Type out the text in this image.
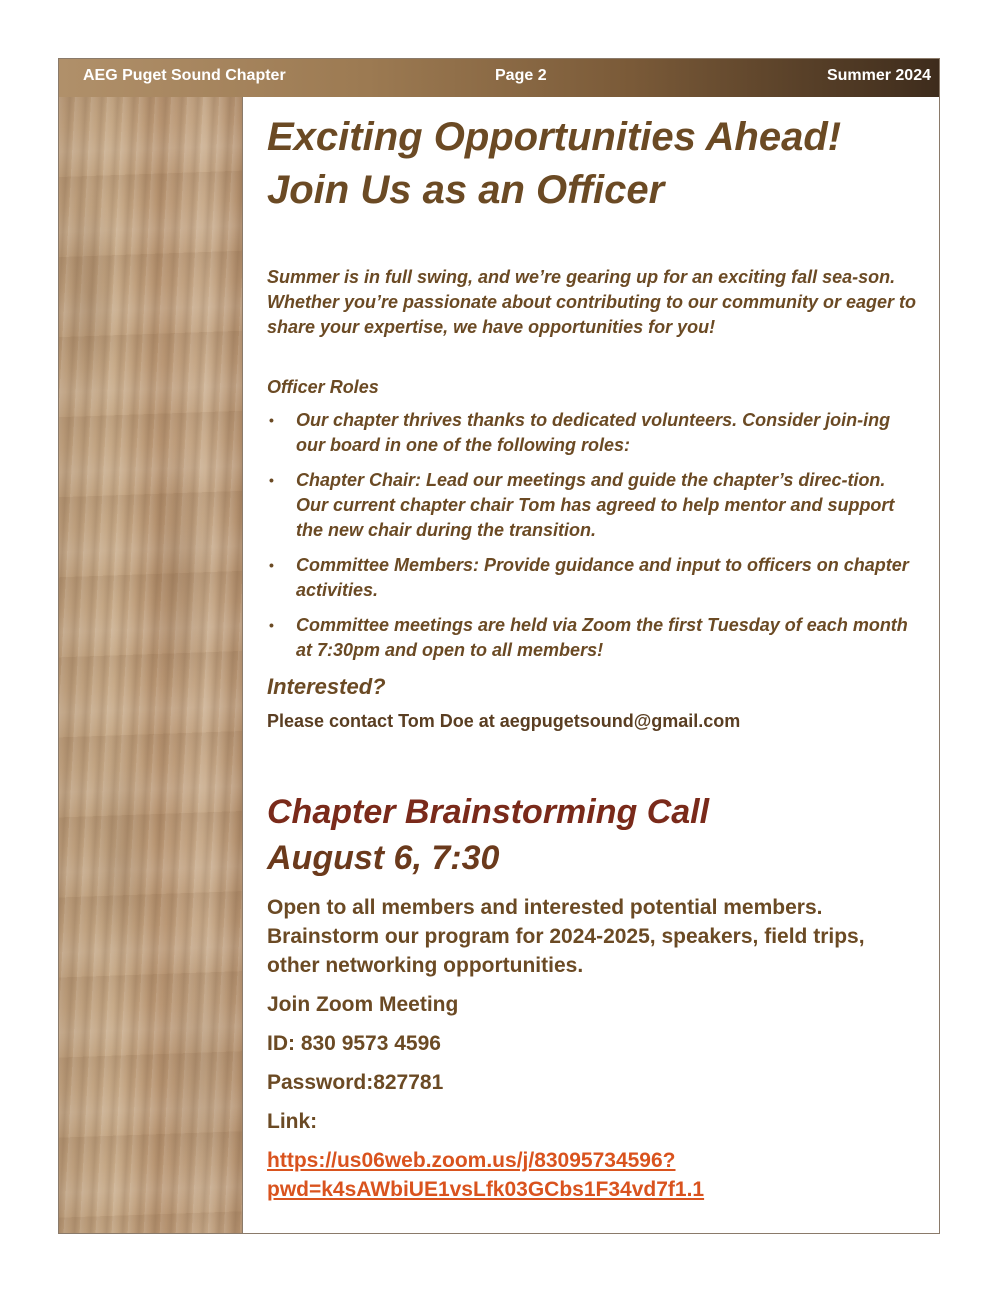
AEG Puget Sound Chapter	Page 2	Summer 2024
Exciting Opportunities Ahead!
Join Us as an Officer

Summer is in full swing, and we’re gearing up for an exciting fall sea-son. Whether you’re passionate about contributing to our community or eager to share your expertise, we have opportunities for you!

Officer Roles

• Our chapter thrives thanks to dedicated volunteers. Consider join-ing our board in one of the following roles:
• Chapter Chair: Lead our meetings and guide the chapter’s direc-tion. Our current chapter chair Tom has agreed to help mentor and support the new chair during the transition.
• Committee Members: Provide guidance and input to officers on chapter activities.
• Committee meetings are held via Zoom the first Tuesday of each month at 7:30pm and open to all members!

Interested?

Please contact Tom Doe at aegpugetsound@gmail.com

Chapter Brainstorming Call
August 6, 7:30

Open to all members and interested potential members. Brainstorm our program for 2024-2025, speakers, field trips, other networking opportunities.

Join Zoom Meeting

ID: 830 9573 4596

Password:827781

Link:

https://us06web.zoom.us/j/83095734596?
pwd=k4sAWbiUE1vsLfk03GCbs1F34vd7f1.1
